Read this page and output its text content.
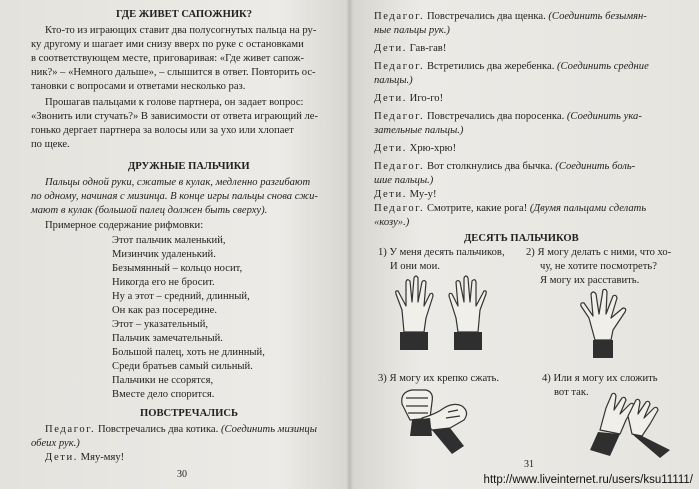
ГДЕ ЖИВЕТ САПОЖНИК?
Кто-то из играющих ставит два полусогнутых пальца на ру-
ку другому и шагает ими снизу вверх по руке с остановками
в соответствующем месте, приговаривая: «Где живет сапож-
ник?» – «Немного дальше», – слышится в ответ. Повторить ос-
тановки с вопросами и ответами несколько раз.
Прошагав пальцами к голове партнера, он задает вопрос:
«Звонить или стучать?» В зависимости от ответа играющий ле-
гонько дергает партнера за волосы или за ухо или хлопает
по щеке.
ДРУЖНЫЕ ПАЛЬЧИКИ
Пальцы одной руки, сжатые в кулак, медленно разгибают
по одному, начиная с мизинца. В конце игры пальцы снова сжи-
мают в кулак (большой палец должен быть сверху).
Примерное содержание рифмовки:
Этот пальчик маленький,
Мизинчик удаленький.
Безымянный – кольцо носит,
Никогда его не бросит.
Ну а этот – средний, длинный,
Он как раз посередине.
Этот – указательный,
Пальчик замечательный.
Большой палец, хоть не длинный,
Среди братьев самый сильный.
Пальчики не ссорятся,
Вместе дело спорится.
ПОВСТРЕЧАЛИСЬ
Педагог. Повстречались два котика. (Соединить мизинцы
обеих рук.)
Дети. Мяу-мяу!
30
Педагог. Повстречались два щенка. (Соединить безымян-
ные пальцы рук.)
Дети. Гав-гав!
Педагог. Встретились два жеребенка. (Соединить средние
пальцы.)
Дети. Иго-го!
Педагог. Повстречались два поросенка. (Соединить ука-
зательные пальцы.)
Дети. Хрю-хрю!
Педагог. Вот столкнулись два бычка. (Соединить боль-
шие пальцы.)
Дети. Му-у!
Педагог. Смотрите, какие рога! (Двумя пальцами сделать
«козу».)
ДЕСЯТЬ ПАЛЬЧИКОВ
1) У меня десять пальчиков,
И они мои.
2) Я могу делать с ними, что хо-
чу, не хотите посмотреть?
Я могу их расставить.
3) Я могу их крепко сжать.	4) Или я могу их сложить
вот так.
31
http://www.liveinternet.ru/users/ksu11111/
